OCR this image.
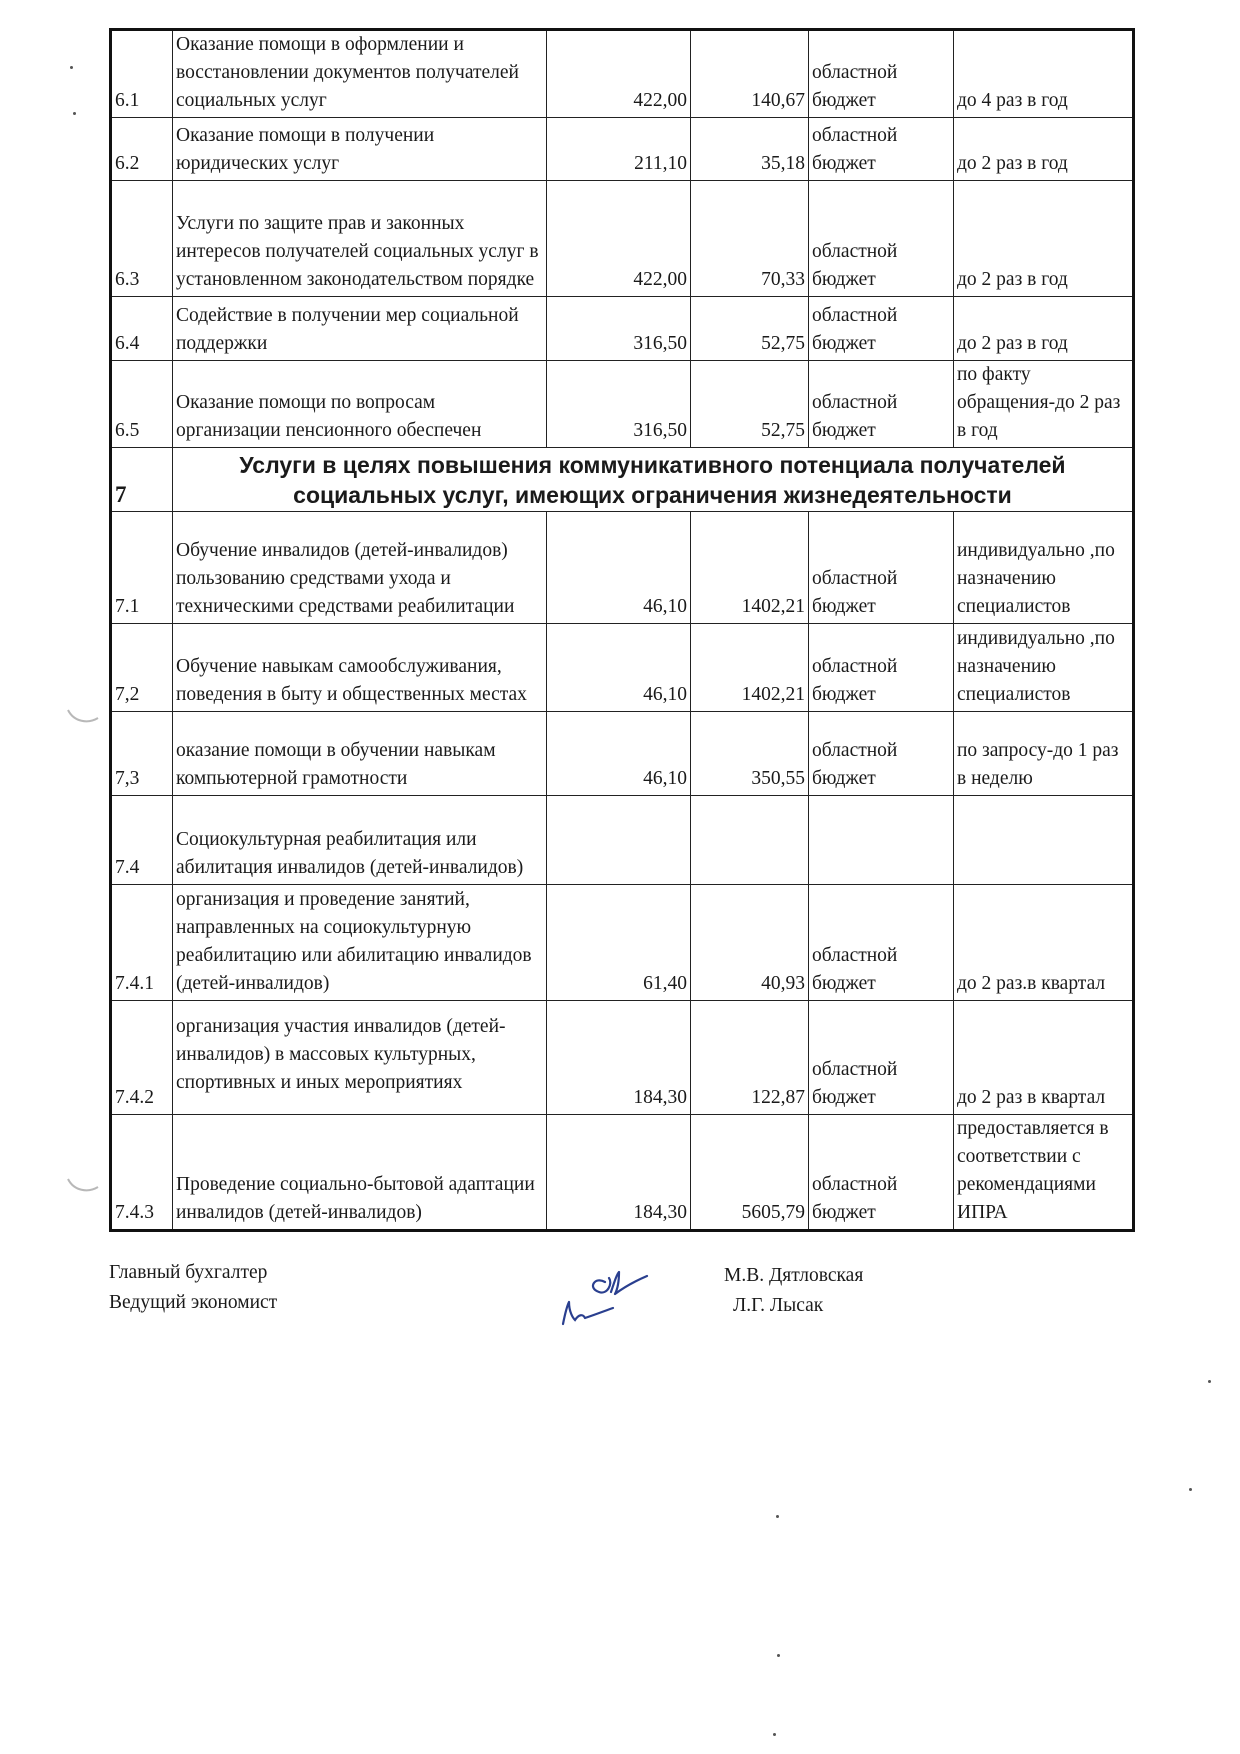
6.1	Оказание помощи в оформлении и восстановлении документов получателей социальных услуг	422,00	140,67	областной бюджет	до 4 раз в год
6.2	Оказание помощи в получении юридических услуг	211,10	35,18	областной бюджет	до 2 раз в год
6.3	Услуги по защите прав и законных интересов получателей социальных услуг в установленном законодательством порядке	422,00	70,33	областной бюджет	до 2 раз в год
6.4	Содействие в получении мер социальной поддержки	316,50	52,75	областной бюджет	до 2 раз в год
6.5	Оказание помощи по вопросам организации пенсионного обеспечен	316,50	52,75	областной бюджет	по факту обращения-до 2 раз в год
7	Услуги в целях повышения коммуникативного потенциала получателей социальных услуг, имеющих ограничения жизнедеятельности				
7.1	Обучение инвалидов (детей-инвалидов) пользованию средствами ухода и техническими средствами реабилитации	46,10	1402,21	областной бюджет	индивидуально ,по назначению специалистов
7,2	Обучение навыкам самообслуживания, поведения в быту и общественных местах	46,10	1402,21	областной бюджет	индивидуально ,по назначению специалистов
7,3	оказание помощи в обучении навыкам компьютерной грамотности	46,10	350,55	областной бюджет	по запросу-до 1 раз в неделю
7.4	Социокультурная реабилитация или абилитация инвалидов (детей-инвалидов)				
7.4.1	организация и проведение занятий, направленных на социокультурную реабилитацию или абилитацию инвалидов (детей-инвалидов)	61,40	40,93	областной бюджет	до 2 раз.в квартал
7.4.2	организация участия инвалидов (детей-инвалидов) в массовых культурных, спортивных и иных мероприятиях	184,30	122,87	областной бюджет	до 2 раз в квартал
7.4.3	Проведение социально-бытовой адаптации инвалидов (детей-инвалидов)	184,30	5605,79	областной бюджет	предоставляется в соответствии с рекомендациями ИПРА
Главный бухгалтер
Ведущий экономист
М.В. Дятловская
Л.Г. Лысак
